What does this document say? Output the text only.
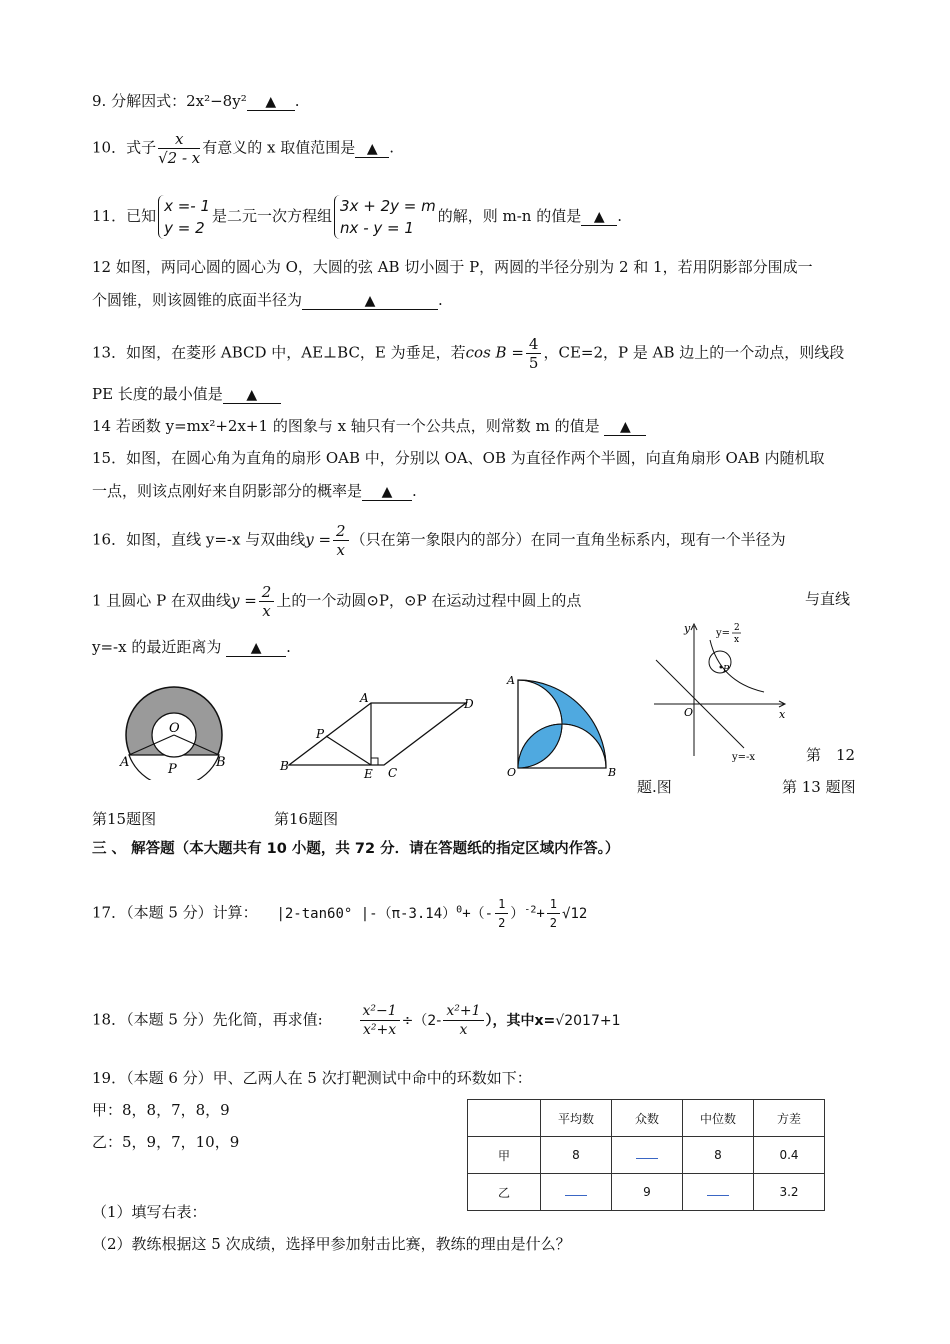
9. 分解因式：2x²−8y² ▲ .
10．式子 $\frac{x}{√2 - x}$ 有意义的 x 取值范围是 ▲ .
11．已知
x =- 1
y = 2
是二元一次方程组
3x + 2y = m
nx - y = 1
的解，则 m-n 的值是 ▲ .
12 如图，两同心圆的圆心为 O，大圆的弦 AB 切小圆于 P，两圆的半径分别为 2 和 1，若用阴影部分围成一
个圆锥，则该圆锥的底面半径为	▲	.
13．如图，在菱形 ABCD 中，AE⊥BC，E 为垂足，若$\cos B = \frac{4}{5}$ ，CE=2，P 是 AB 边上的一个动点，则线段
PE 长度的最小值是 ▲
14 若函数 y=mx²+2x+1 的图象与 x 轴只有一个公共点，则常数 m 的值是 ▲
15．如图，在圆心角为直角的扇形 OAB 中，分别以 OA、OB 为直径作两个半圆，向直角扇形 OAB 内随机取
一点，则该点刚好来自阴影部分的概率是 ▲ .
16．如图，直线 y=-x 与双曲线$y = \frac{2}{x}$ （只在第一象限内的部分）在同一直角坐标系内，现有一个半径为
1 且圆心 P 在双曲线$y = \frac{2}{x}$ 上的一个动圆⊙P，⊙P 在运动过程中圆上的点	与直线
y=-x 的最近距离为 ▲ .
O
A	P	B
A	D
P
B
E C
A
O	B
y
x
O
P
y= 2
x
y=-x	第　12
题.图	第 13 题图
第15题图	第16题图
三 、 解答题（本大题共有 10 小题，共 72 分．请在答题纸的指定区域内作答。）
17．（本题 5 分）计算： |2-tan60° $|-(\pi-3.14)^0+(- \frac{1}{2} )^{-2}+ \frac{1}{2} √12$
18．（本题 5 分）先化简，再求值:	$\frac{\text{x²−1}}{\text{x²+x}} \div(2- \frac{\text{x²+1}}{x}$ ），其中x=√2017+1
19．（本题 6 分）甲、乙两人在 5 次打靶测试中命中的环数如下：
甲：8，8，7，8，9
乙：5，9，7，10，9
	平均数	众数	中位数	方差
甲	8		8	0.4
乙		9		3.2
（1）填写右表：
（2）教练根据这 5 次成绩，选择甲参加射击比赛，教练的理由是什么？
